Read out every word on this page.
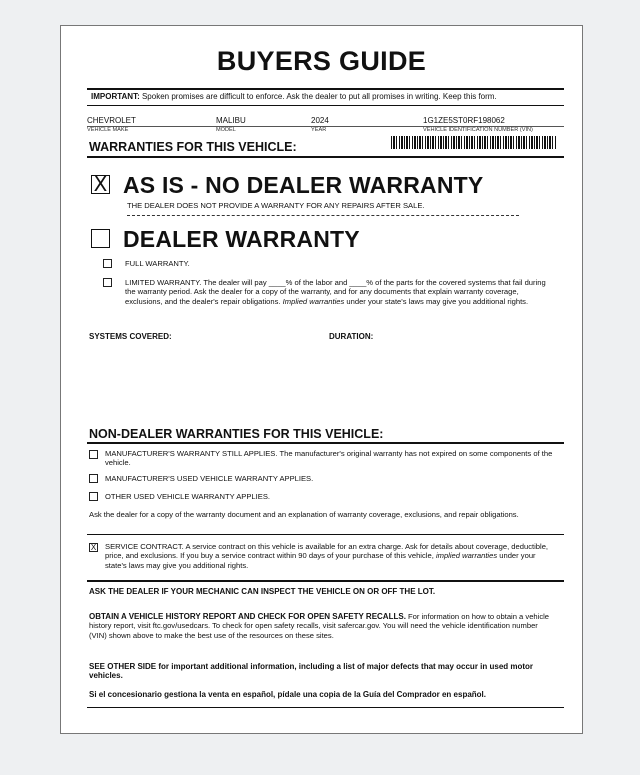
BUYERS GUIDE
IMPORTANT: Spoken promises are difficult to enforce. Ask the dealer to put all promises in writing. Keep this form.
CHEVROLET	MALIBU	2024	1G1ZE5ST0RF198062
VEHICLE MAKE	MODEL	YEAR	VEHICLE IDENTIFICATION NUMBER (VIN)
WARRANTIES FOR THIS VEHICLE:
X AS IS - NO DEALER WARRANTY
THE DEALER DOES NOT PROVIDE A WARRANTY FOR ANY REPAIRS AFTER SALE.
DEALER WARRANTY
FULL WARRANTY.
LIMITED WARRANTY. The dealer will pay ____% of the labor and ____% of the parts for the covered systems that fail during the warranty period. Ask the dealer for a copy of the warranty, and for any documents that explain warranty coverage, exclusions, and the dealer's repair obligations. Implied warranties under your state's laws may give you additional rights.
SYSTEMS COVERED:	DURATION:
NON-DEALER WARRANTIES FOR THIS VEHICLE:
MANUFACTURER'S WARRANTY STILL APPLIES. The manufacturer's original warranty has not expired on some components of the vehicle.
MANUFACTURER'S USED VEHICLE WARRANTY APPLIES.
OTHER USED VEHICLE WARRANTY APPLIES.
Ask the dealer for a copy of the warranty document and an explanation of warranty coverage, exclusions, and repair obligations.
X SERVICE CONTRACT. A service contract on this vehicle is available for an extra charge. Ask for details about coverage, deductible, price, and exclusions. If you buy a service contract within 90 days of your purchase of this vehicle, implied warranties under your state's laws may give you additional rights.
ASK THE DEALER IF YOUR MECHANIC CAN INSPECT THE VEHICLE ON OR OFF THE LOT.
OBTAIN A VEHICLE HISTORY REPORT AND CHECK FOR OPEN SAFETY RECALLS. For information on how to obtain a vehicle history report, visit ftc.gov/usedcars. To check for open safety recalls, visit safercar.gov. You will need the vehicle identification number (VIN) shown above to make the best use of the resources on these sites.
SEE OTHER SIDE for important additional information, including a list of major defects that may occur in used motor vehicles.
Si el concesionario gestiona la venta en español, pídale una copia de la Guía del Comprador en español.
